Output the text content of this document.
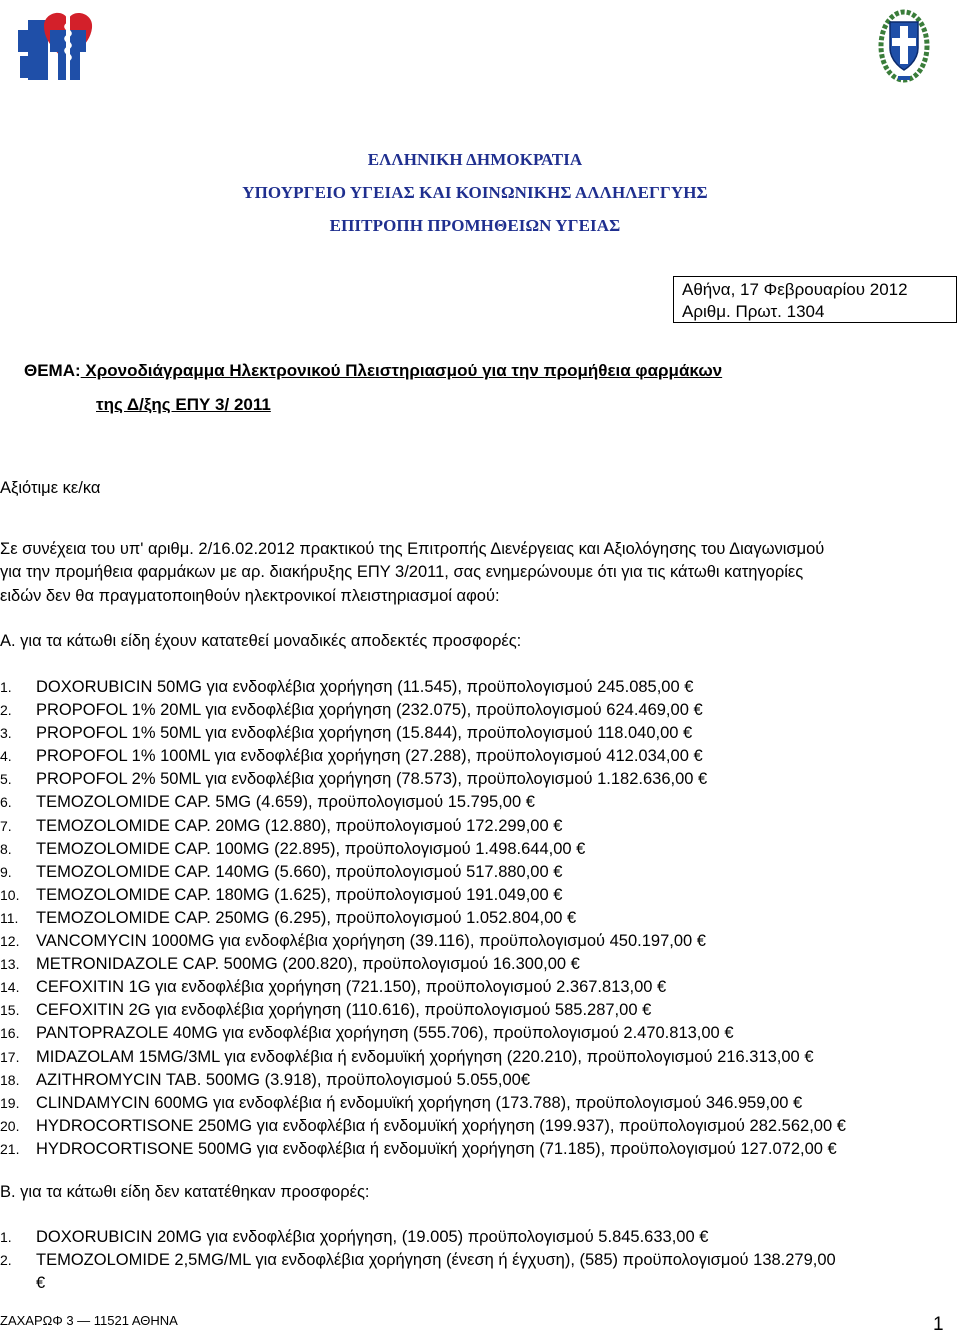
ΕΛΛΗΝΙΚΗ ΔΗΜΟΚΡΑΤΙΑ
ΥΠΟΥΡΓΕΙΟ ΥΓΕΙΑΣ ΚΑΙ ΚΟΙΝΩΝΙΚΗΣ ΑΛΛΗΛΕΓΓΥΗΣ
ΕΠΙΤΡΟΠΗ ΠΡΟΜΗΘΕΙΩΝ ΥΓΕΙΑΣ
Αθήνα, 17 Φεβρουαρίου 2012
Αριθμ. Πρωτ. 1304
ΘΕΜΑ: Χρονοδιάγραμμα Ηλεκτρονικού Πλειστηριασμού για την προμήθεια φαρμάκων
της Δ/ξης ΕΠΥ 3/ 2011
Αξιότιμε κε/κα
Σε συνέχεια του υπ' αριθμ. 2/16.02.2012 πρακτικού της Επιτροπής Διενέργειας και Αξιολόγησης του Διαγωνισμού
για την προμήθεια φαρμάκων με αρ. διακήρυξης ΕΠΥ 3/2011, σας ενημερώνουμε ότι για τις κάτωθι κατηγορίες
ειδών δεν θα πραγματοποιηθούν ηλεκτρονικοί πλειστηριασμοί αφού:
Α. για τα κάτωθι είδη έχουν κατατεθεί μοναδικές αποδεκτές προσφορές:
1. DOXORUBICIN 50MG για ενδοφλέβια χορήγηση (11.545), προϋπολογισμού 245.085,00 €
2. PROPOFOL 1% 20ML για ενδοφλέβια χορήγηση (232.075), προϋπολογισμού 624.469,00 €
3. PROPOFOL 1% 50ML για ενδοφλέβια χορήγηση (15.844), προϋπολογισμού 118.040,00 €
4. PROPOFOL 1% 100ML για ενδοφλέβια χορήγηση (27.288), προϋπολογισμού 412.034,00 €
5. PROPOFOL 2% 50ML για ενδοφλέβια χορήγηση (78.573), προϋπολογισμού 1.182.636,00 €
6. TEMOZOLOMIDE CAP. 5MG (4.659), προϋπολογισμού 15.795,00 €
7. TEMOZOLOMIDE CAP. 20MG (12.880), προϋπολογισμού 172.299,00 €
8. TEMOZOLOMIDE CAP. 100MG (22.895), προϋπολογισμού 1.498.644,00 €
9. TEMOZOLOMIDE CAP. 140MG (5.660), προϋπολογισμού 517.880,00 €
10. TEMOZOLOMIDE CAP. 180MG (1.625), προϋπολογισμού 191.049,00 €
11. TEMOZOLOMIDE CAP. 250MG (6.295), προϋπολογισμού 1.052.804,00 €
12. VANCOMYCIN 1000MG για ενδοφλέβια χορήγηση (39.116), προϋπολογισμού 450.197,00 €
13. METRONIDAZOLE CAP. 500MG (200.820), προϋπολογισμού 16.300,00 €
14. CEFOXITIN 1G για ενδοφλέβια χορήγηση (721.150), προϋπολογισμού 2.367.813,00 €
15. CEFOXITIN 2G για ενδοφλέβια χορήγηση (110.616), προϋπολογισμού 585.287,00 €
16. PANTOPRAZOLE 40MG για ενδοφλέβια χορήγηση (555.706), προϋπολογισμού 2.470.813,00 €
17. MIDAZOLAM 15MG/3ML για ενδοφλέβια ή ενδομυϊκή χορήγηση (220.210), προϋπολογισμού 216.313,00 €
18. AZITHROMYCIN TAB. 500MG (3.918), προϋπολογισμού 5.055,00€
19. CLINDAMYCIN 600MG για ενδοφλέβια ή ενδομυϊκή χορήγηση (173.788), προϋπολογισμού 346.959,00 €
20. HYDROCORTISONE 250MG για ενδοφλέβια ή ενδομυϊκή χορήγηση (199.937), προϋπολογισμού 282.562,00 €
21. HYDROCORTISONE 500MG για ενδοφλέβια ή ενδομυϊκή χορήγηση (71.185), προϋπολογισμού 127.072,00 €
Β. για τα κάτωθι είδη δεν κατατέθηκαν προσφορές:
1. DOXORUBICIN 20MG για ενδοφλέβια χορήγηση, (19.005) προϋπολογισμού 5.845.633,00 €
2. TEMOZOLOMIDE 2,5MG/ML για ενδοφλέβια χορήγηση (ένεση ή έγχυση), (585) προϋπολογισμού 138.279,00
€
ΖΑΧΑΡΩΦ 3 — 11521 ΑΘΗΝΑ	1
